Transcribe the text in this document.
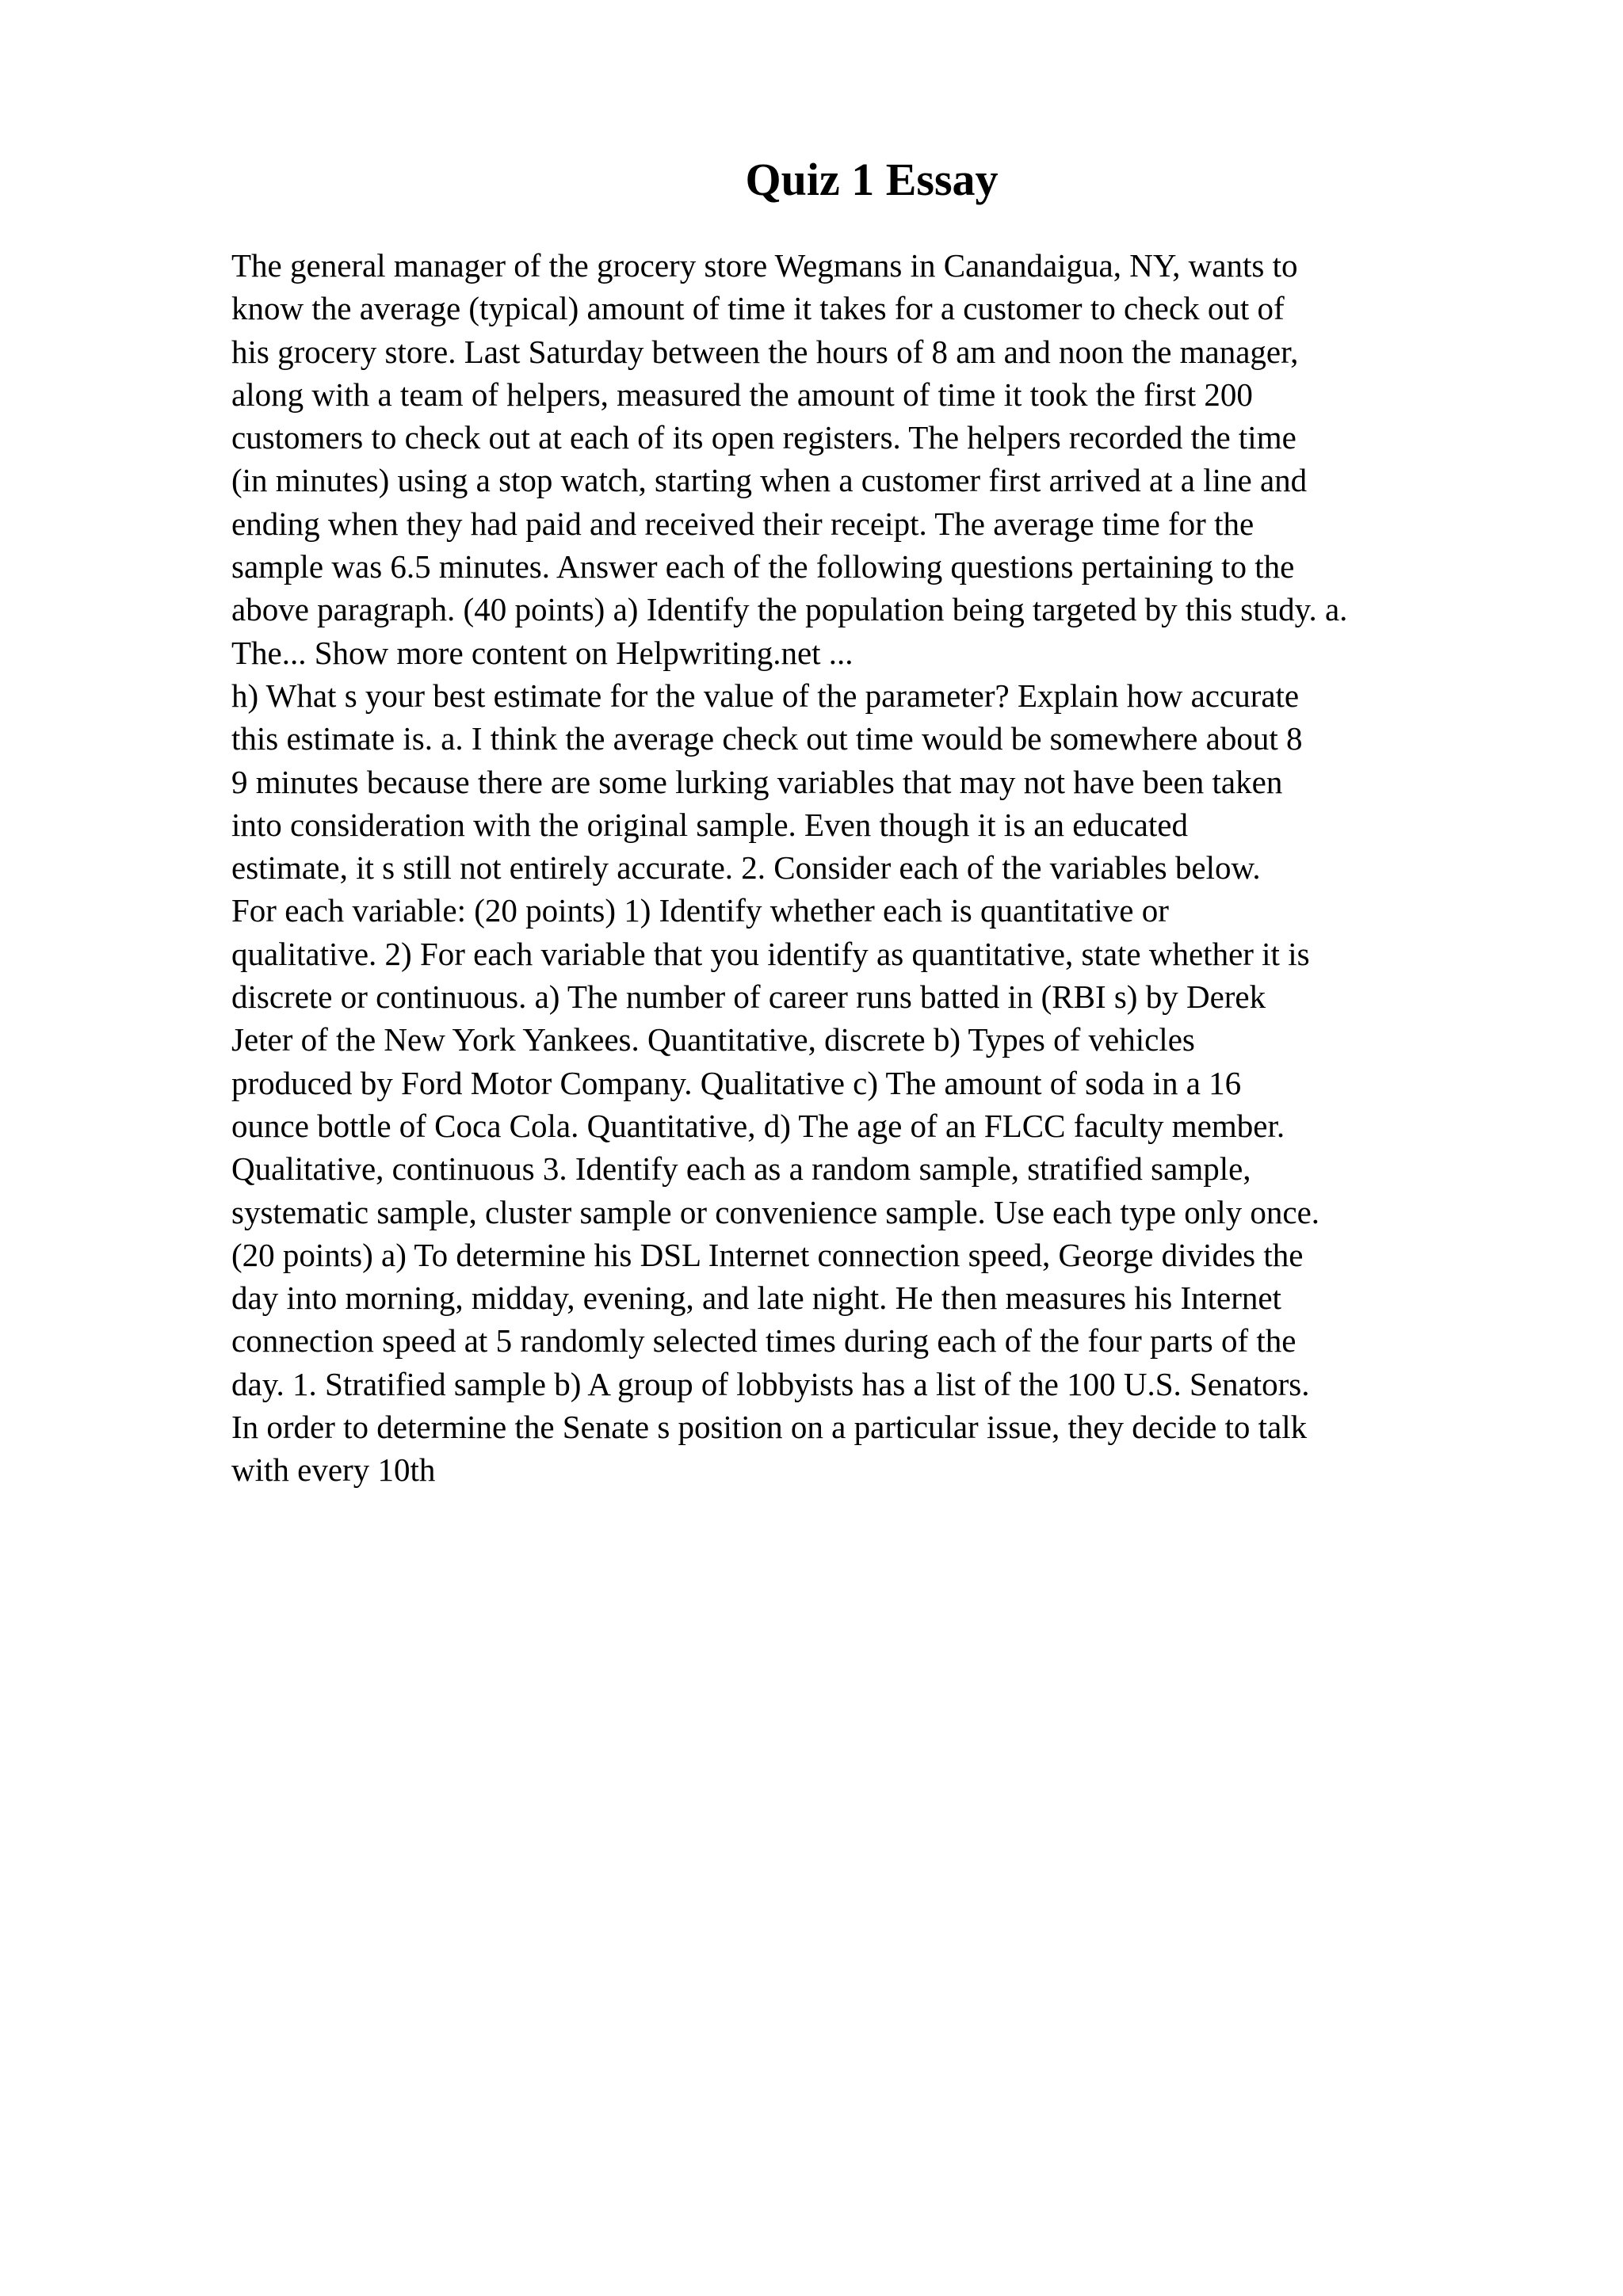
Quiz 1 Essay
The general manager of the grocery store Wegmans in Canandaigua, NY, wants to
know the average (typical) amount of time it takes for a customer to check out of
his grocery store. Last Saturday between the hours of 8 am and noon the manager,
along with a team of helpers, measured the amount of time it took the first 200
customers to check out at each of its open registers. The helpers recorded the time
(in minutes) using a stop watch, starting when a customer first arrived at a line and
ending when they had paid and received their receipt. The average time for the
sample was 6.5 minutes. Answer each of the following questions pertaining to the
above paragraph. (40 points) a) Identify the population being targeted by this study. a.
The... Show more content on Helpwriting.net ...
h) What s your best estimate for the value of the parameter? Explain how accurate
this estimate is. a. I think the average check out time would be somewhere about 8
9 minutes because there are some lurking variables that may not have been taken
into consideration with the original sample. Even though it is an educated
estimate, it s still not entirely accurate. 2. Consider each of the variables below.
For each variable: (20 points) 1) Identify whether each is quantitative or
qualitative. 2) For each variable that you identify as quantitative, state whether it is
discrete or continuous. a) The number of career runs batted in (RBI s) by Derek
Jeter of the New York Yankees. Quantitative, discrete b) Types of vehicles
produced by Ford Motor Company. Qualitative c) The amount of soda in a 16
ounce bottle of Coca Cola. Quantitative, d) The age of an FLCC faculty member.
Qualitative, continuous 3. Identify each as a random sample, stratified sample,
systematic sample, cluster sample or convenience sample. Use each type only once.
(20 points) a) To determine his DSL Internet connection speed, George divides the
day into morning, midday, evening, and late night. He then measures his Internet
connection speed at 5 randomly selected times during each of the four parts of the
day. 1. Stratified sample b) A group of lobbyists has a list of the 100 U.S. Senators.
In order to determine the Senate s position on a particular issue, they decide to talk
with every 10th
